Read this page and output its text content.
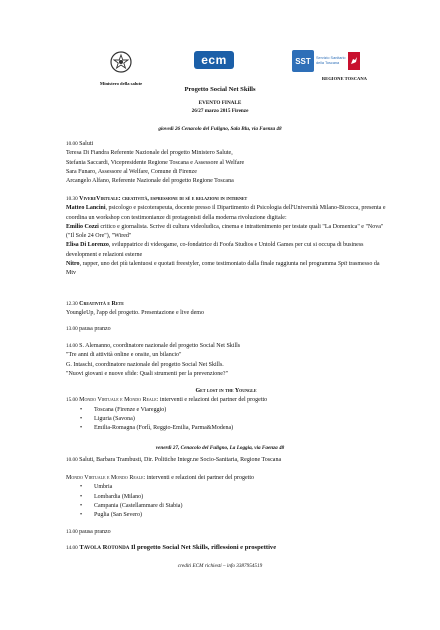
Ministero della salute
ecm	SST	Servizio Sanitario della Toscana
REGIONE TOSCANA
Progetto Social Net Skills
EVENTO FINALE
26/27 marzo 2015 Firenze
giovedì 26 Cenacolo del Fuligno, Sala Blu, via Faenza 48

10.00 Saluti

Teresa Di Fiandra Referente Nazionale del progetto Ministero Salute,

Stefania Saccardi, Vicepresidente Regione Toscana e Assessore al Welfare

Sara Funaro, Assessore al Welfare, Comune di Firenze

Arcangelo Alfano, Referente Nazionale del progetto Regione Toscana

10.30 VivereVirtuale: creatività, espressione di sé e relazioni in internet

Matteo Lancini, psicologo e psicoterapeuta, docente presso il Dipartimento di Psicologia dell'Università Milano-Bicocca, presenta e coordina un workshop con testimonianze di protagonisti della moderna rivoluzione digitale:

Emilio Cozzi critico e giornalista. Scrive di cultura videoludica, cinema e intrattenimento per testate quali "La Domenica" e "Nova" ("Il Sole 24 Ore"), "Wired"

Elisa Di Lorenzo, sviluppatrice di videogame, co-fondatrice di Foofa Studios e Untold Games per cui si occupa di business development e relazioni esterne

Nitro, rapper, uno dei più talentuosi e quotati freestyler, come testimoniato dalla finale raggiunta nel programma Spit trasmesso da Mtv

12.30 Creatività e Rete

YoungleUp, l'app del progetto. Presentazione e live demo

13.00 pausa pranzo

14.00 S. Alemanno, coordinatore nazionale del progetto Social Net Skills

"Tre anni di attività online e onsite, un bilancio"

G. Intaschi, coordinatore nazionale del progetto Social Net Skills.

"Nuovi giovani e nuove sfide: Quali strumenti per la prevenzione?"

Get lost in the Youngle

15.00 Mondo Virtuale e Mondo Reale: interventi e relazioni dei partner del progetto

• Toscana (Firenze e Viareggio)
• Liguria (Savona)
• Emilia-Romagna (Forlì, Reggio-Emilia, Parma&Modena)
venerdì 27, Cenacolo del Fuligno, La Loggia, via Faenza 48

10.00 Saluti, Barbara Trambusti, Dir. Politiche Integr.ne Socio-Sanitaria, Regione Toscana

Mondo Virtuale e Mondo Reale: interventi e relazioni dei partner del progetto

• Umbria
• Lombardia (Milano)
• Campania (Castellammare di Stabia)
• Puglia (San Severo)

13.00 pausa pranzo

14.00 Tavola Rotonda Il progetto Social Net Skills, riflessioni e prospettive

crediti ECM richiesti – info 3387954519
